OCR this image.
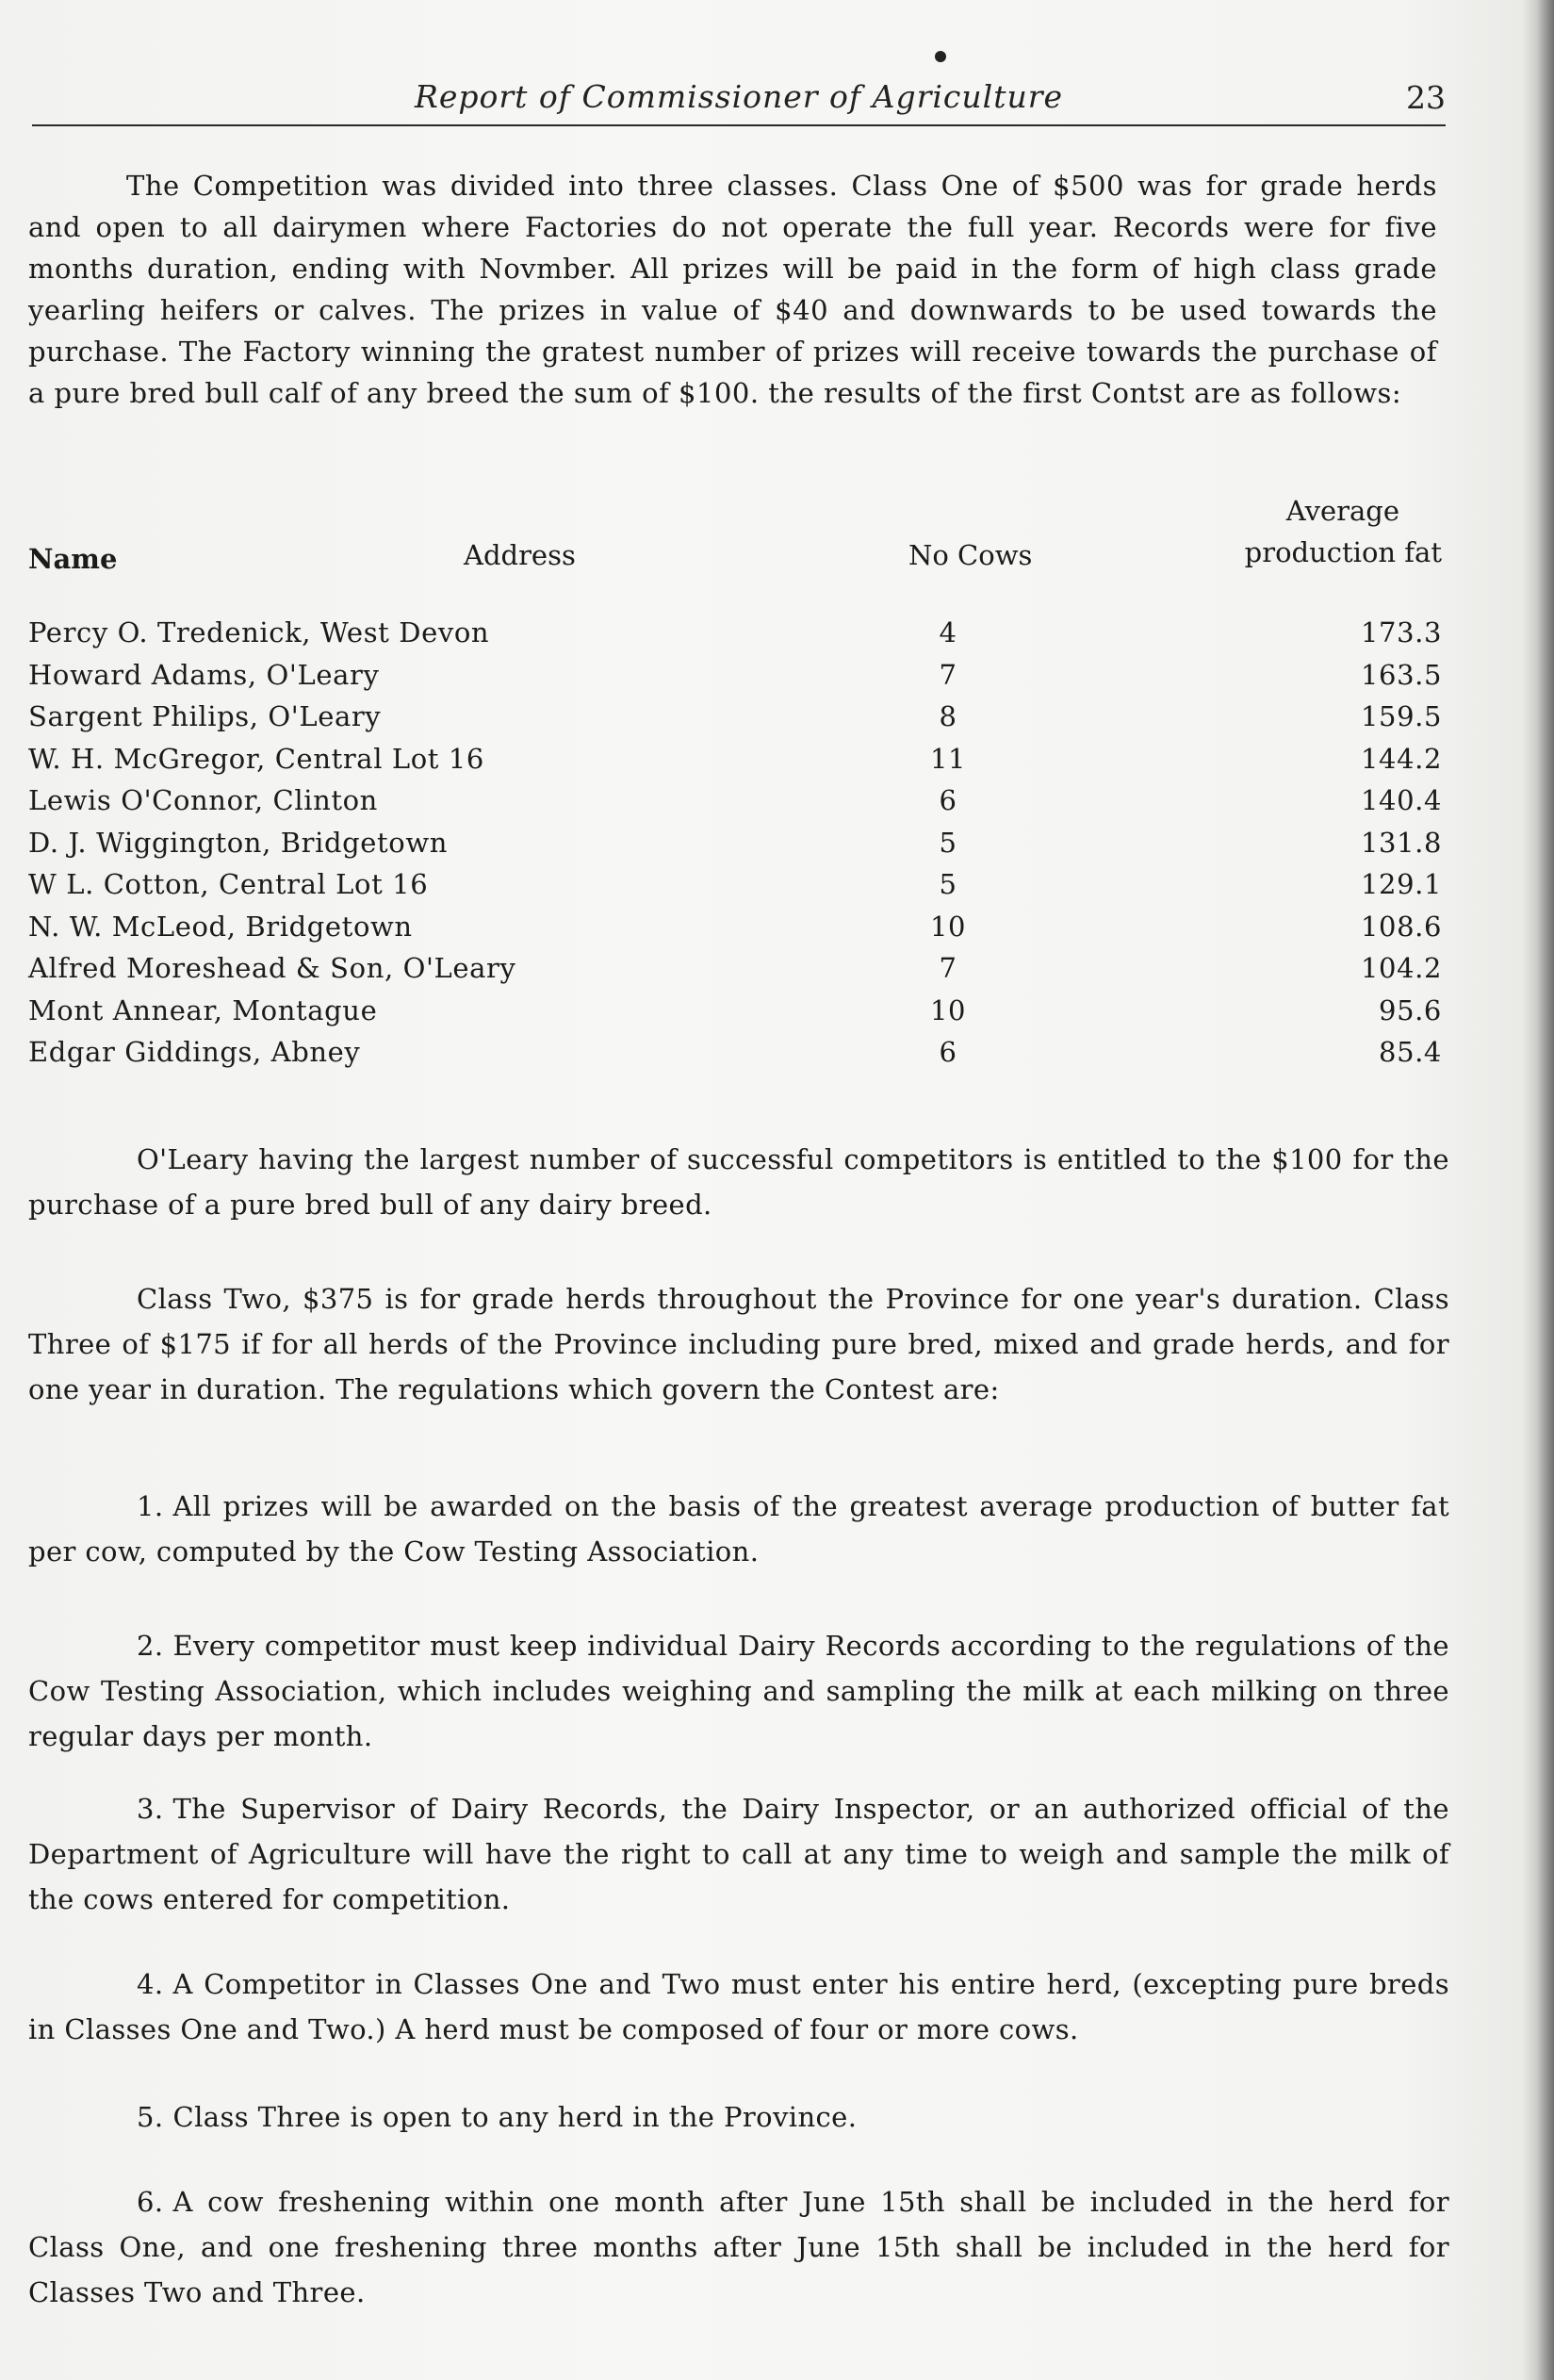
Report of Commissioner of Agriculture	23

The Competition was divided into three classes. Class One of $500 was for grade herds and open to all dairymen where Factories do not operate the full year. Records were for five months duration, ending with Novmber. All prizes will be paid in the form of high class grade yearling heifers or calves. The prizes in value of $40 and downwards to be used towards the purchase. The Factory winning the gratest number of prizes will receive towards the purchase of a pure bred bull calf of any breed the sum of $100. the results of the first Contst are as follows:

Name	Address	No Cows
Average
production fat
Percy O. Tredenick, West Devon	4	173.3
Howard Adams, O'Leary	7	163.5
Sargent Philips, O'Leary	8	159.5
W. H. McGregor, Central Lot 16	11	144.2
Lewis O'Connor, Clinton	6	140.4
D. J. Wiggington, Bridgetown	5	131.8
W L. Cotton, Central Lot 16	5	129.1
N. W. McLeod, Bridgetown	10	108.6
Alfred Moreshead & Son, O'Leary	7	104.2
Mont Annear, Montague	10	95.6
Edgar Giddings, Abney	6	85.4

O'Leary having the largest number of successful competitors is entitled to the $100 for the purchase of a pure bred bull of any dairy breed.

Class Two, $375 is for grade herds throughout the Province for one year's duration. Class Three of $175 if for all herds of the Province including pure bred, mixed and grade herds, and for one year in duration. The regulations which govern the Contest are:

1. All prizes will be awarded on the basis of the greatest average production of butter fat per cow, computed by the Cow Testing Association.

2. Every competitor must keep individual Dairy Records according to the regulations of the Cow Testing Association, which includes weighing and sampling the milk at each milking on three regular days per month.

3. The Supervisor of Dairy Records, the Dairy Inspector, or an authorized official of the Department of Agriculture will have the right to call at any time to weigh and sample the milk of the cows entered for competition.

4. A Competitor in Classes One and Two must enter his entire herd, (excepting pure breds in Classes One and Two.) A herd must be composed of four or more cows.

5. Class Three is open to any herd in the Province.

6. A cow freshening within one month after June 15th shall be included in the herd for Class One, and one freshening three months after June 15th shall be included in the herd for Classes Two and Three.
